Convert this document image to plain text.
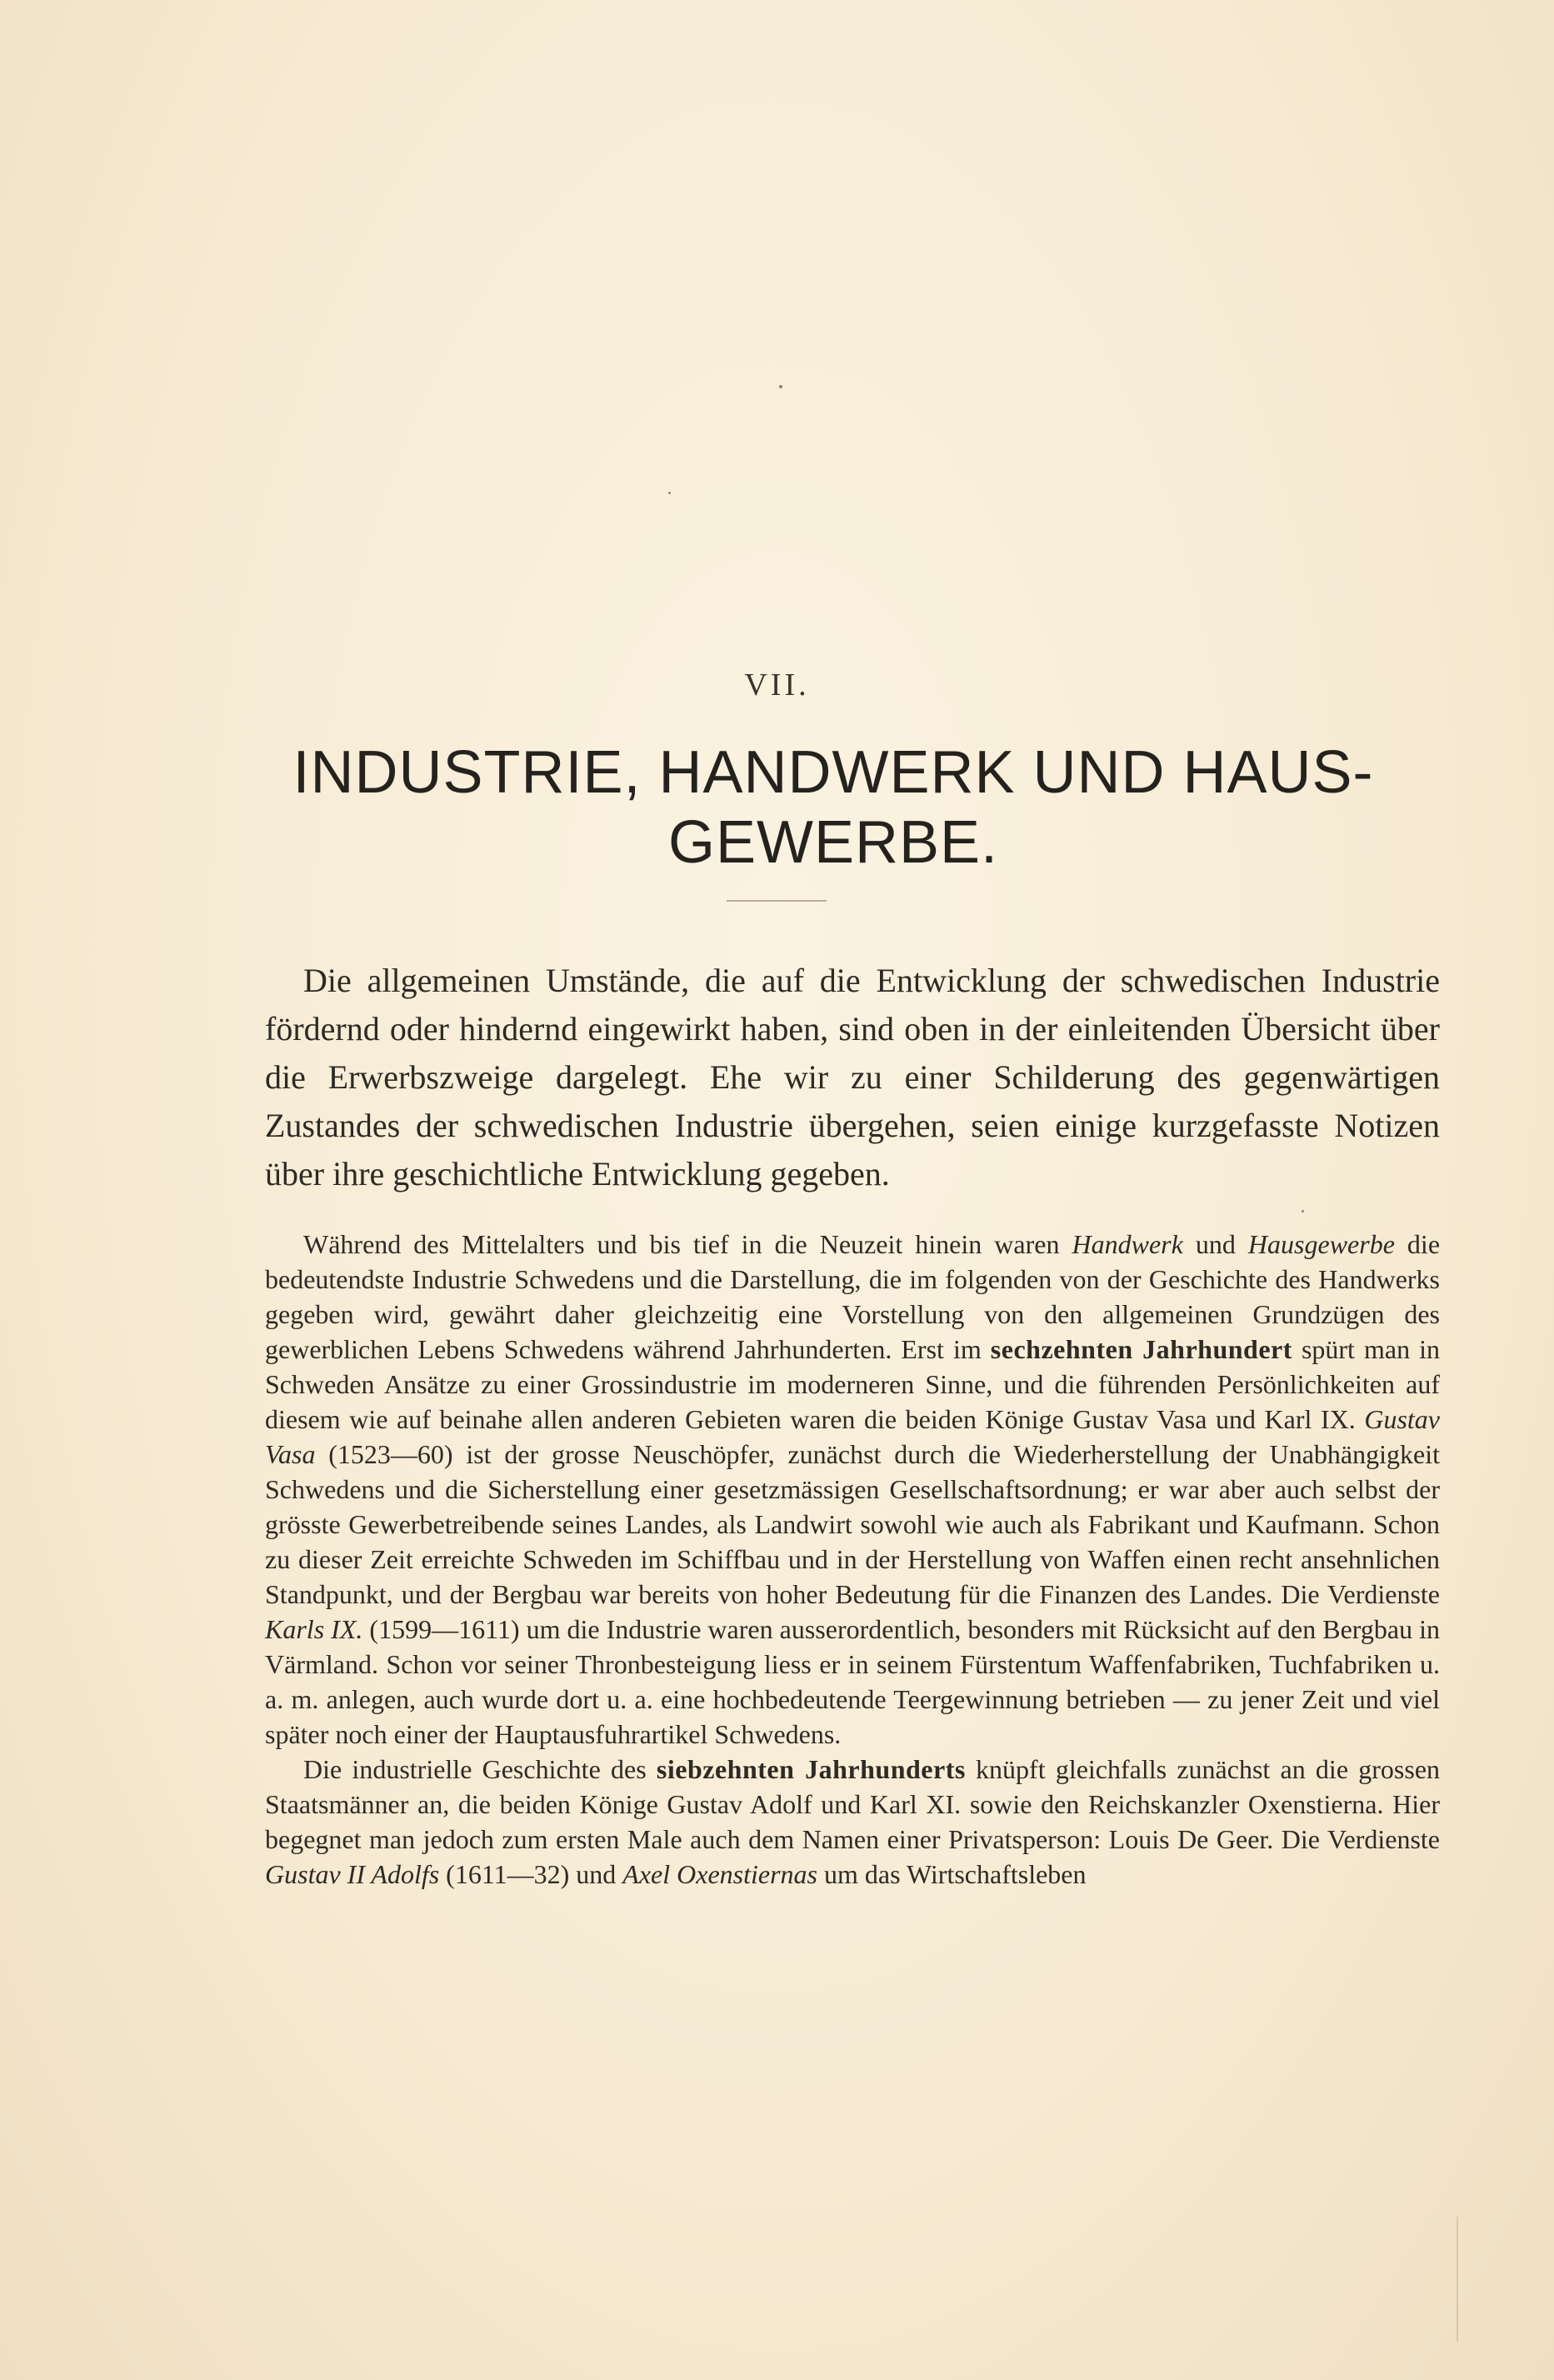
VII.
INDUSTRIE, HANDWERK UND HAUS-GEWERBE.

Die allgemeinen Umstände, die auf die Entwicklung der schwedischen Industrie fördernd oder hindernd eingewirkt haben, sind oben in der einleitenden Übersicht über die Erwerbszweige dargelegt. Ehe wir zu einer Schilderung des gegenwärtigen Zustandes der schwedischen Industrie übergehen, seien einige kurzgefasste Notizen über ihre geschichtliche Entwicklung gegeben.

Während des Mittelalters und bis tief in die Neuzeit hinein waren Handwerk und Hausgewerbe die bedeutendste Industrie Schwedens und die Darstellung, die im folgenden von der Geschichte des Handwerks gegeben wird, gewährt daher gleichzeitig eine Vorstellung von den allgemeinen Grundzügen des gewerblichen Lebens Schwedens während Jahrhunderten. Erst im sechzehnten Jahrhundert spürt man in Schweden Ansätze zu einer Grossindustrie im moderneren Sinne, und die führenden Persönlichkeiten auf diesem wie auf beinahe allen anderen Gebieten waren die beiden Könige Gustav Vasa und Karl IX. Gustav Vasa (1523—60) ist der grosse Neuschöpfer, zunächst durch die Wiederherstellung der Unabhängigkeit Schwedens und die Sicherstellung einer gesetzmässigen Gesellschaftsordnung; er war aber auch selbst der grösste Gewerbetreibende seines Landes, als Landwirt sowohl wie auch als Fabrikant und Kaufmann. Schon zu dieser Zeit erreichte Schweden im Schiffbau und in der Herstellung von Waffen einen recht ansehnlichen Standpunkt, und der Bergbau war bereits von hoher Bedeutung für die Finanzen des Landes. Die Verdienste Karls IX. (1599—1611) um die Industrie waren ausserordentlich, besonders mit Rücksicht auf den Bergbau in Värmland. Schon vor seiner Thronbesteigung liess er in seinem Fürstentum Waffenfabriken, Tuchfabriken u. a. m. anlegen, auch wurde dort u. a. eine hochbedeutende Teergewinnung betrieben — zu jener Zeit und viel später noch einer der Hauptausfuhrartikel Schwedens.

Die industrielle Geschichte des siebzehnten Jahrhunderts knüpft gleichfalls zunächst an die grossen Staatsmänner an, die beiden Könige Gustav Adolf und Karl XI. sowie den Reichskanzler Oxenstierna. Hier begegnet man jedoch zum ersten Male auch dem Namen einer Privatsperson: Louis De Geer. Die Verdienste Gustav II Adolfs (1611—32) und Axel Oxenstiernas um das Wirtschaftsleben
